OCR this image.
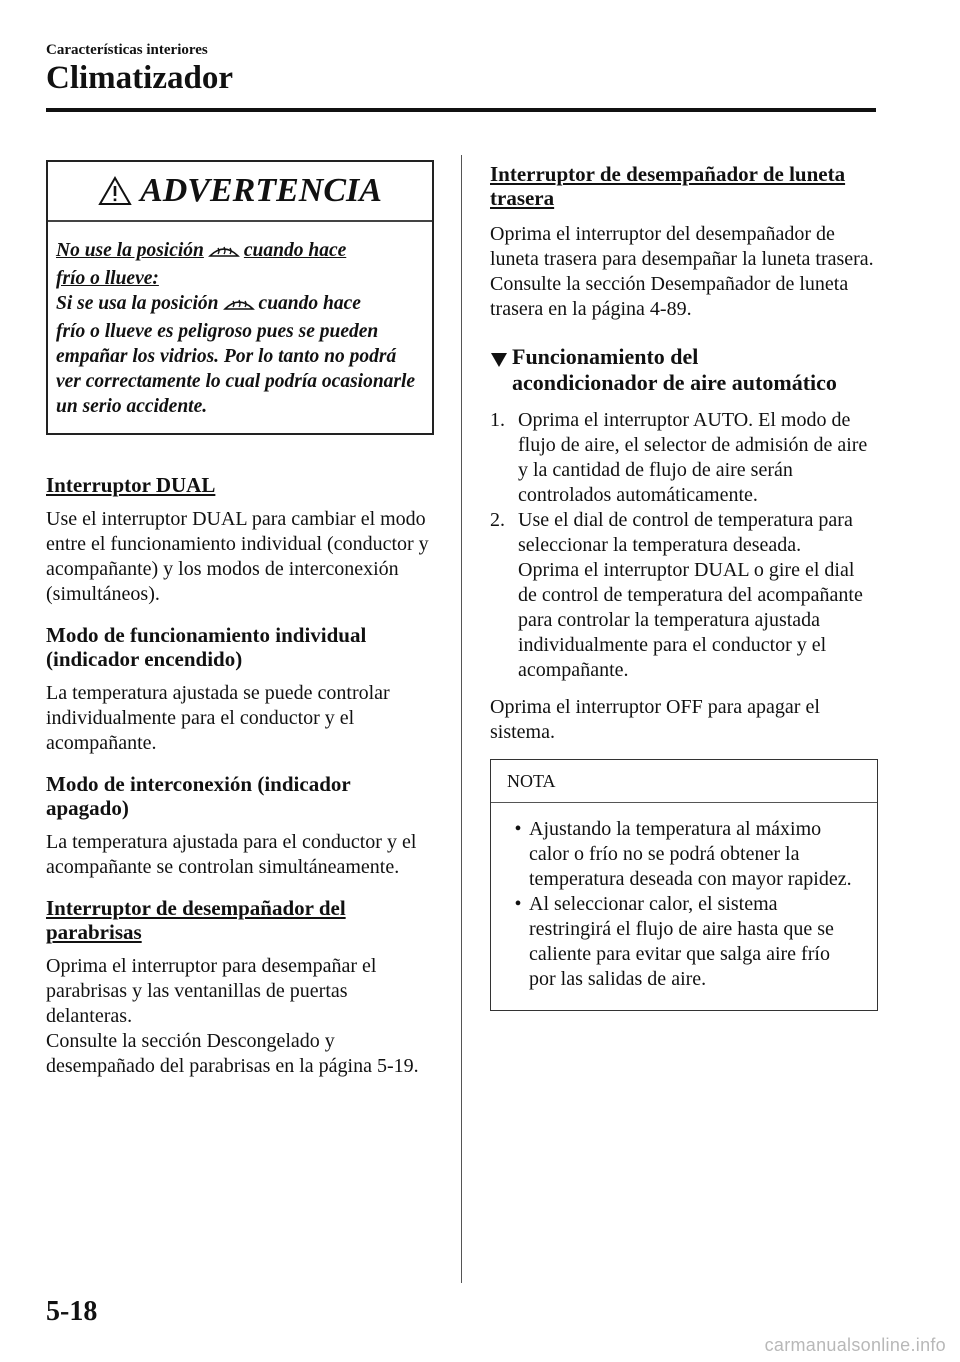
Características interiores
Climatizador
ADVERTENCIA
No use la posición cuando hace
frío o llueve:
Si se usa la posición cuando hace
frío o llueve es peligroso pues se pueden empañar los vidrios. Por lo tanto no podrá ver correctamente lo cual podría ocasionarle un serio accidente.
Interruptor DUAL

Use el interruptor DUAL para cambiar el modo entre el funcionamiento individual (conductor y acompañante) y los modos de interconexión (simultáneos).

Modo de funcionamiento individual (indicador encendido)

La temperatura ajustada se puede controlar individualmente para el conductor y el acompañante.

Modo de interconexión (indicador apagado)

La temperatura ajustada para el conductor y el acompañante se controlan simultáneamente.

Interruptor de desempañador del parabrisas

Oprima el interruptor para desempañar el parabrisas y las ventanillas de puertas delanteras.

Consulte la sección Descongelado y desempañado del parabrisas en la página 5-19.

Interruptor de desempañador de luneta trasera

Oprima el interruptor del desempañador de luneta trasera para desempañar la luneta trasera.

Consulte la sección Desempañador de luneta trasera en la página 4-89.

Funcionamiento del
acondicionador de aire automático
1. Oprima el interruptor AUTO. El modo de flujo de aire, el selector de admisión de aire y la cantidad de flujo de aire serán controlados automáticamente.
2. Use el dial de control de temperatura para seleccionar la temperatura deseada.
Oprima el interruptor DUAL o gire el dial de control de temperatura del acompañante para controlar la temperatura ajustada individualmente para el conductor y el acompañante.

Oprima el interruptor OFF para apagar el sistema.

NOTA
• Ajustando la temperatura al máximo calor o frío no se podrá obtener la temperatura deseada con mayor rapidez.
• Al seleccionar calor, el sistema restringirá el flujo de aire hasta que se caliente para evitar que salga aire frío por las salidas de aire.
5-18
carmanualsonline.info
